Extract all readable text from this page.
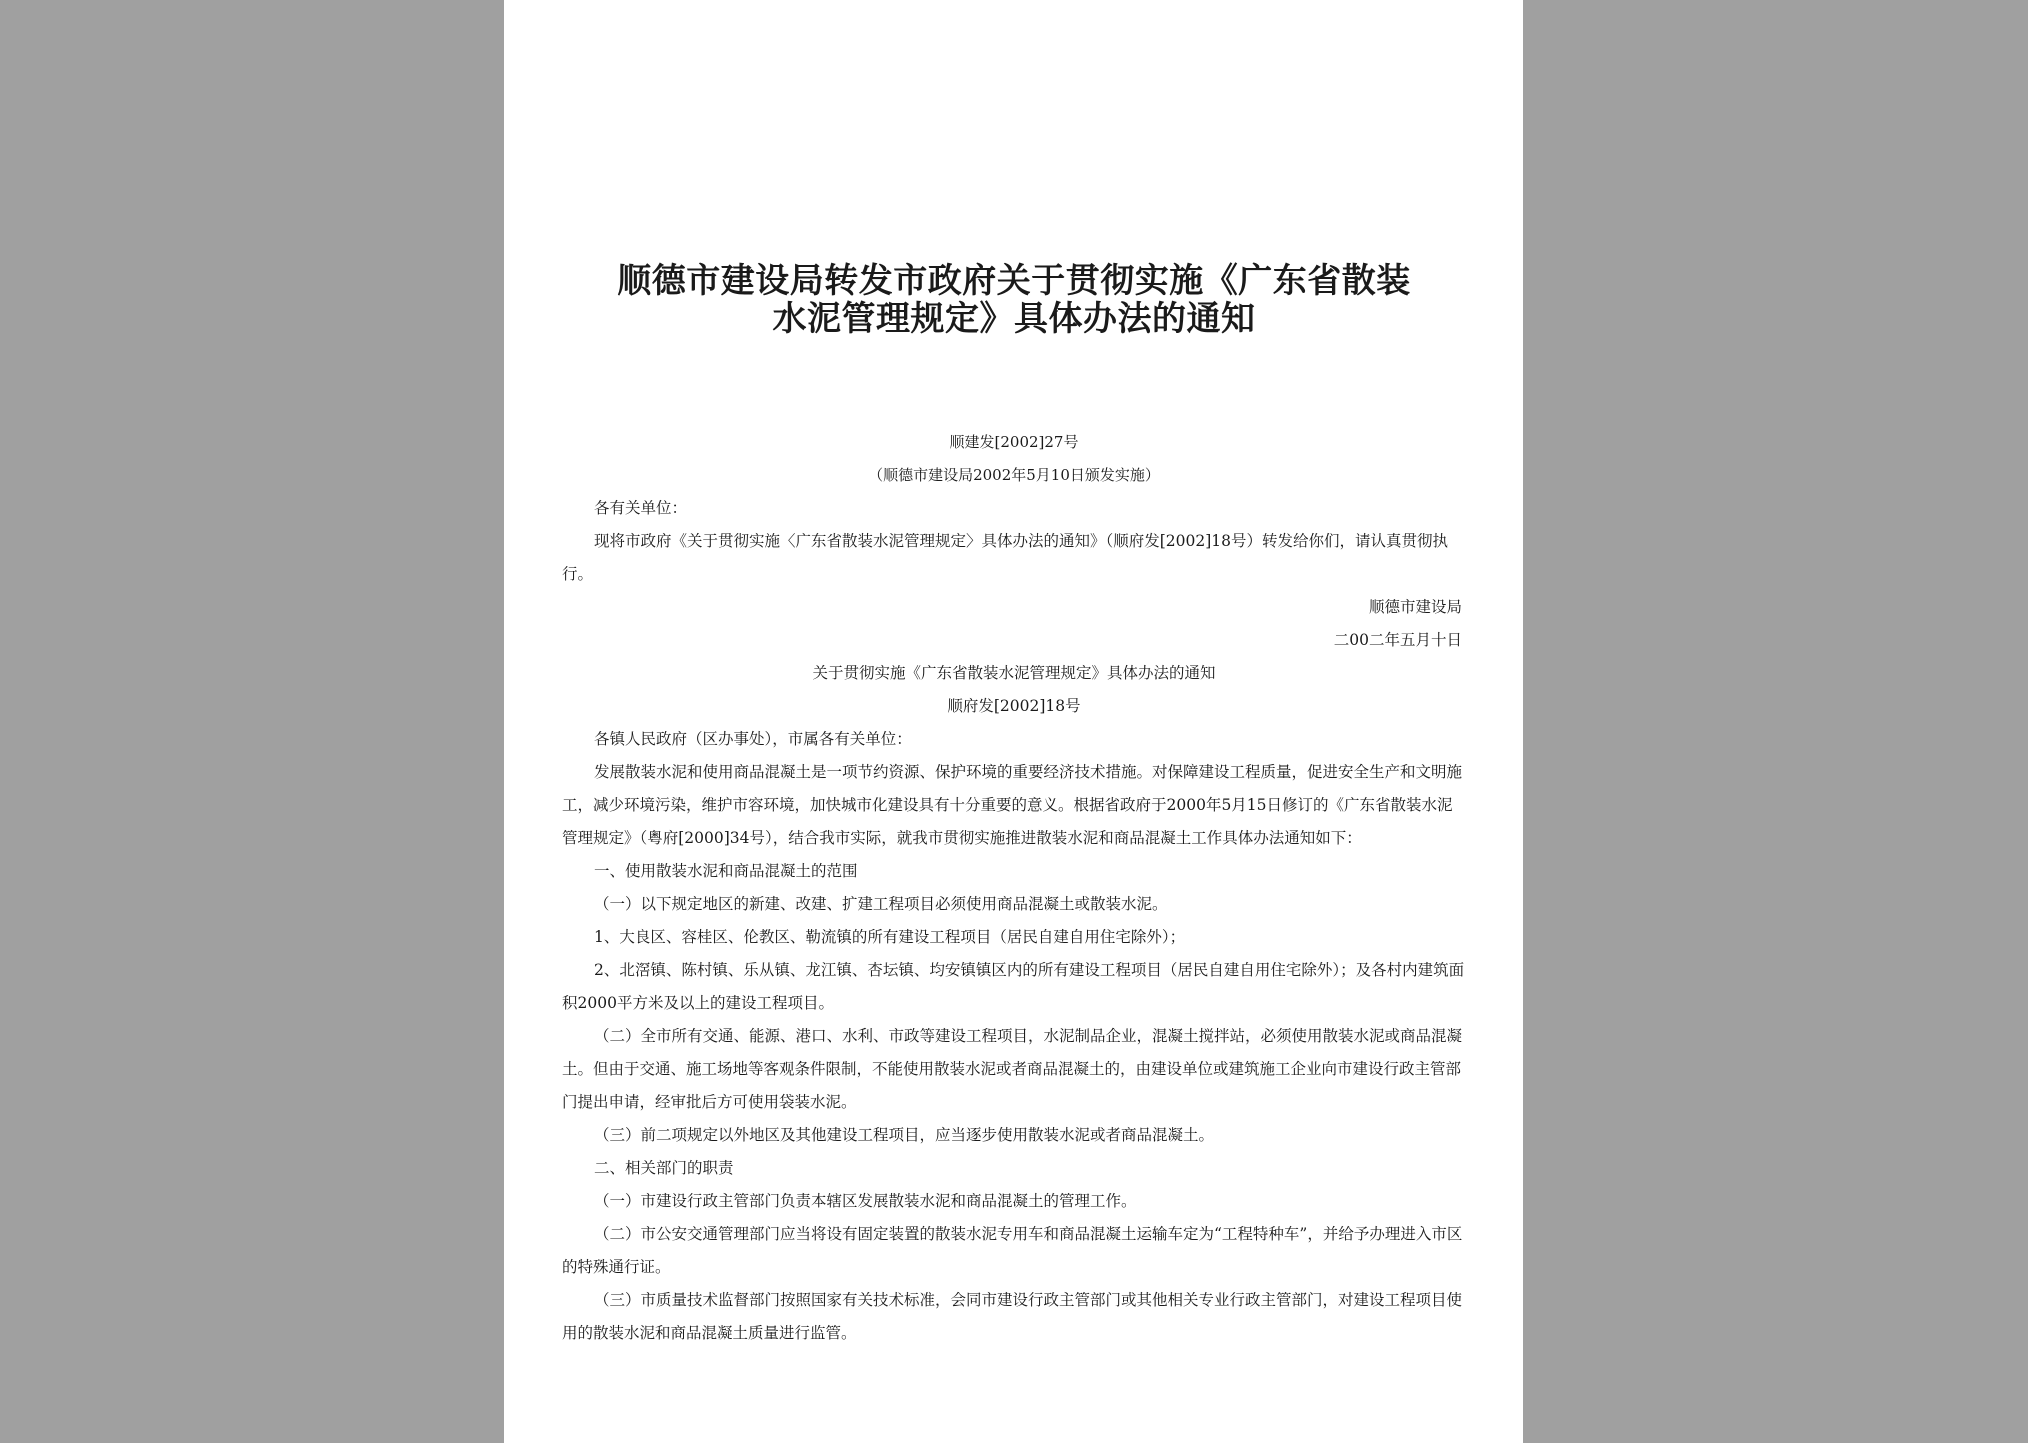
顺德市建设局转发市政府关于贯彻实施《广东省散装
水泥管理规定》具体办法的通知
顺建发[2002]27号
（顺德市建设局2002年5月10日颁发实施）
各有关单位：

现将市政府《关于贯彻实施〈广东省散装水泥管理规定〉具体办法的通知》（顺府发[2002]18号）转发给你们，请认真贯彻执行。

顺德市建设局
二00二年五月十日
关于贯彻实施《广东省散装水泥管理规定》具体办法的通知
顺府发[2002]18号
各镇人民政府（区办事处），市属各有关单位：

发展散装水泥和使用商品混凝土是一项节约资源、保护环境的重要经济技术措施。对保障建设工程质量，促进安全生产和文明施工，减少环境污染，维护市容环境，加快城市化建设具有十分重要的意义。根据省政府于2000年5月15日修订的《广东省散装水泥管理规定》（粤府[2000]34号），结合我市实际，就我市贯彻实施推进散装水泥和商品混凝土工作具体办法通知如下：

一、使用散装水泥和商品混凝土的范围

（一）以下规定地区的新建、改建、扩建工程项目必须使用商品混凝土或散装水泥。

1、大良区、容桂区、伦教区、勒流镇的所有建设工程项目（居民自建自用住宅除外）；

2、北滘镇、陈村镇、乐从镇、龙江镇、杏坛镇、均安镇镇区内的所有建设工程项目（居民自建自用住宅除外）；及各村内建筑面积2000平方米及以上的建设工程项目。

（二）全市所有交通、能源、港口、水利、市政等建设工程项目，水泥制品企业，混凝土搅拌站，必须使用散装水泥或商品混凝土。但由于交通、施工场地等客观条件限制，不能使用散装水泥或者商品混凝土的，由建设单位或建筑施工企业向市建设行政主管部门提出申请，经审批后方可使用袋装水泥。

（三）前二项规定以外地区及其他建设工程项目，应当逐步使用散装水泥或者商品混凝土。

二、相关部门的职责

（一）市建设行政主管部门负责本辖区发展散装水泥和商品混凝土的管理工作。

（二）市公安交通管理部门应当将设有固定装置的散装水泥专用车和商品混凝土运输车定为“工程特种车”，并给予办理进入市区的特殊通行证。

（三）市质量技术监督部门按照国家有关技术标准，会同市建设行政主管部门或其他相关专业行政主管部门，对建设工程项目使用的散装水泥和商品混凝土质量进行监管。
